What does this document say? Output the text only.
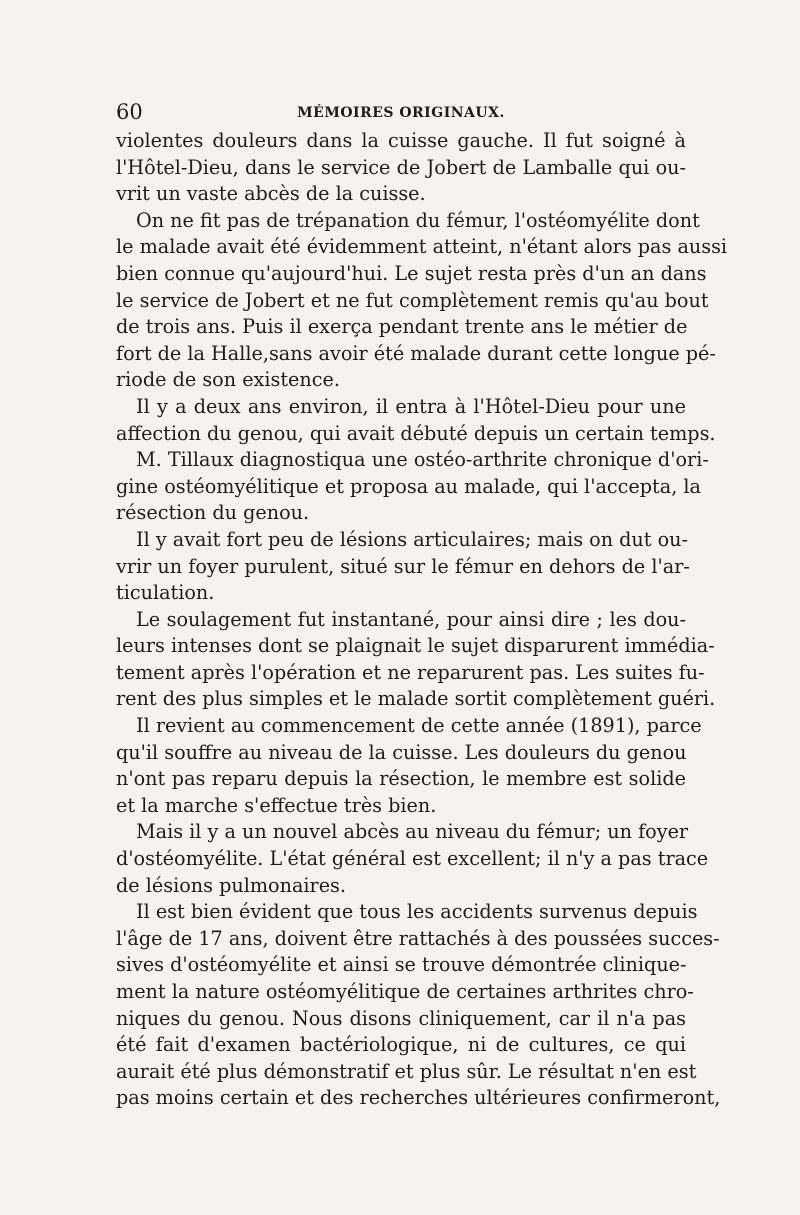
60	MÉMOIRES ORIGINAUX.
violentes douleurs dans la cuisse gauche. Il fut soigné à
l'Hôtel-Dieu, dans le service de Jobert de Lamballe qui ou-
vrit un vaste abcès de la cuisse.
On ne fit pas de trépanation du fémur, l'ostéomyélite dont
le malade avait été évidemment atteint, n'étant alors pas aussi
bien connue qu'aujourd'hui. Le sujet resta près d'un an dans
le service de Jobert et ne fut complètement remis qu'au bout
de trois ans. Puis il exerça pendant trente ans le métier de
fort de la Halle,sans avoir été malade durant cette longue pé-
riode de son existence.
Il y a deux ans environ, il entra à l'Hôtel-Dieu pour une
affection du genou, qui avait débuté depuis un certain temps.
M. Tillaux diagnostiqua une ostéo-arthrite chronique d'ori-
gine ostéomyélitique et proposa au malade, qui l'accepta, la
résection du genou.
Il y avait fort peu de lésions articulaires; mais on dut ou-
vrir un foyer purulent, situé sur le fémur en dehors de l'ar-
ticulation.
Le soulagement fut instantané, pour ainsi dire ; les dou-
leurs intenses dont se plaignait le sujet disparurent immédia-
tement après l'opération et ne reparurent pas. Les suites fu-
rent des plus simples et le malade sortit complètement guéri.
Il revient au commencement de cette année (1891), parce
qu'il souffre au niveau de la cuisse. Les douleurs du genou
n'ont pas reparu depuis la résection, le membre est solide
et la marche s'effectue très bien.
Mais il y a un nouvel abcès au niveau du fémur; un foyer
d'ostéomyélite. L'état général est excellent; il n'y a pas trace
de lésions pulmonaires.
Il est bien évident que tous les accidents survenus depuis
l'âge de 17 ans, doivent être rattachés à des poussées succes-
sives d'ostéomyélite et ainsi se trouve démontrée clinique-
ment la nature ostéomyélitique de certaines arthrites chro-
niques du genou. Nous disons cliniquement, car il n'a pas
été fait d'examen bactériologique, ni de cultures, ce qui
aurait été plus démonstratif et plus sûr. Le résultat n'en est
pas moins certain et des recherches ultérieures confirmeront,
